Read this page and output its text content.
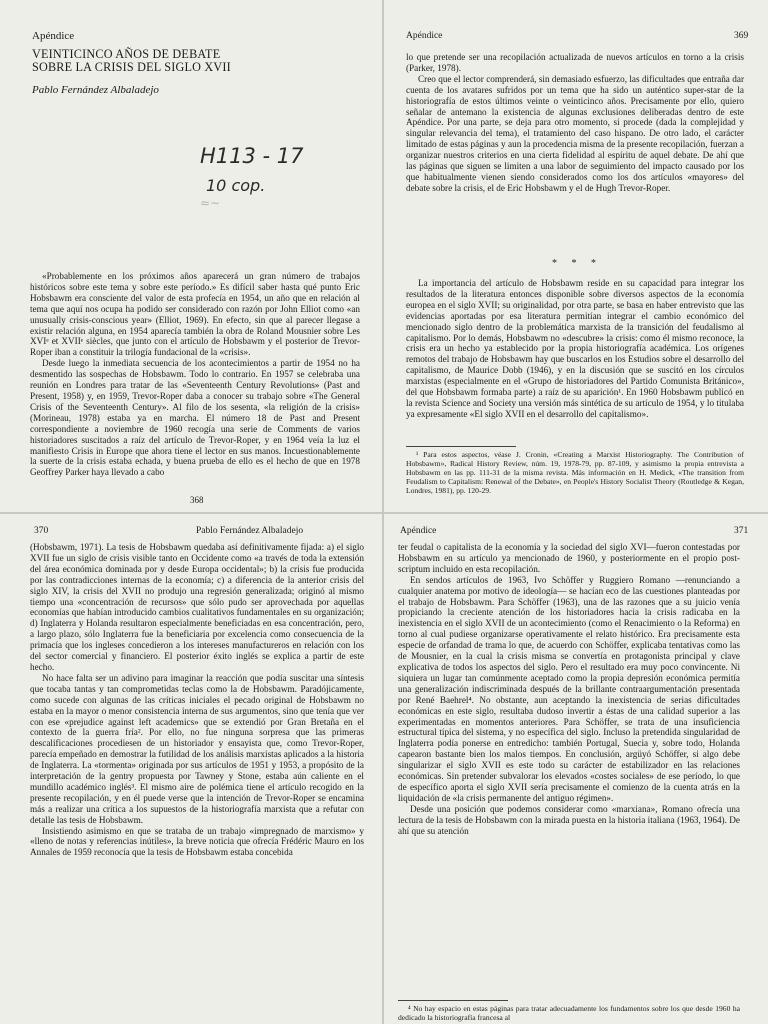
Apéndice
VEINTICINCO AÑOS DE DEBATE
SOBRE LA CRISIS DEL SIGLO XVII
Pablo Fernández Albaladejo
H113 - 17
10 cop.
≈∼

«Probablemente en los próximos años aparecerá un gran número de trabajos históricos sobre este tema y sobre este período.» Es difícil saber hasta qué punto Eric Hobsbawm era consciente del valor de esta profecía en 1954, un año que en relación al tema que aquí nos ocupa ha podido ser considerado con razón por John Elliot como «an unusually crisis-conscious year» (Elliot, 1969). En efecto, sin que al parecer llegase a existir relación alguna, en 1954 aparecía también la obra de Roland Mousnier sobre Les XVIᵉ et XVIIᵉ siècles, que junto con el artículo de Hobsbawm y el posterior de Trevor-Roper iban a constituir la trilogía fundacional de la «crisis».

Desde luego la inmediata secuencia de los acontecimientos a partir de 1954 no ha desmentido las sospechas de Hobsbawm. Todo lo contrario. En 1957 se celebraba una reunión en Londres para tratar de las «Seventeenth Century Revolutions» (Past and Present, 1958) y, en 1959, Trevor-Roper daba a conocer su trabajo sobre «The General Crisis of the Seventeenth Century». Al filo de los sesenta, «la religión de la crisis» (Morineau, 1978) estaba ya en marcha. El número 18 de Past and Present correspondiente a noviembre de 1960 recogía una serie de Comments de varios historiadores suscitados a raíz del artículo de Trevor-Roper, y en 1964 veía la luz el manifiesto Crisis in Europe que ahora tiene el lector en sus manos. Incuestionablemente la suerte de la crisis estaba echada, y buena prueba de ello es el hecho de que en 1978 Geoffrey Parker haya llevado a cabo

368
Apéndice	369

lo que pretende ser una recopilación actualizada de nuevos artículos en torno a la crisis (Parker, 1978).

Creo que el lector comprenderá, sin demasiado esfuerzo, las dificultades que entraña dar cuenta de los avatares sufridos por un tema que ha sido un auténtico super-star de la historiografía de estos últimos veinte o veinticinco años. Precisamente por ello, quiero señalar de antemano la existencia de algunas exclusiones deliberadas dentro de este Apéndice. Por una parte, se deja para otro momento, si procede (dada la complejidad y singular relevancia del tema), el tratamiento del caso hispano. De otro lado, el carácter limitado de estas páginas y aun la procedencia misma de la presente recopilación, fuerzan a organizar nuestros criterios en una cierta fidelidad al espíritu de aquel debate. De ahí que las páginas que siguen se limiten a una labor de seguimiento del impacto causado por los que habitualmente vienen siendo considerados como los dos artículos «mayores» del debate sobre la crisis, el de Eric Hobsbawm y el de Hugh Trevor-Roper.

* * *

La importancia del artículo de Hobsbawm reside en su capacidad para integrar los resultados de la literatura entonces disponible sobre diversos aspectos de la economía europea en el siglo XVII; su originalidad, por otra parte, se basa en haber entrevisto que las evidencias aportadas por esa literatura permitían integrar el cambio económico del mencionado siglo dentro de la problemática marxista de la transición del feudalismo al capitalismo. Por lo demás, Hobsbawm no «descubre» la crisis: como él mismo reconoce, la crisis era un hecho ya establecido por la propia historiografía académica. Los orígenes remotos del trabajo de Hobsbawm hay que buscarlos en los Estudios sobre el desarrollo del capitalismo, de Maurice Dobb (1946), y en la discusión que se suscitó en los círculos marxistas (especialmente en el «Grupo de historiadores del Partido Comunista Británico», del que Hobsbawm formaba parte) a raíz de su aparición¹. En 1960 Hobsbawm publicó en la revista Science and Society una versión más sintética de su artículo de 1954, y lo titulaba ya expresamente «El siglo XVII en el desarrollo del capitalismo».

¹ Para estos aspectos, véase J. Cronin, «Creating a Marxist Historiography. The Contribution of Hobsbawm», Radical History Review, núm. 19, 1978-79, pp. 87-109, y asimismo la propia entrevista a Hobsbawm en las pp. 111-31 de la misma revista. Más información en H. Medick, «The transition from Feudalism to Capitalism: Renewal of the Debate», en People's History Socialist Theory (Routledge & Kegan, Londres, 1981), pp. 120-29.

370	Pablo Fernández Albaladejo

(Hobsbawm, 1971). La tesis de Hobsbawm quedaba así definitivamente fijada: a) el siglo XVII fue un siglo de crisis visible tanto en Occidente como «a través de toda la extensión del área económica dominada por y desde Europa occidental»; b) la crisis fue producida por las contradicciones internas de la economía; c) a diferencia de la anterior crisis del siglo XIV, la crisis del XVII no produjo una regresión generalizada; originó al mismo tiempo una «concentración de recursos» que sólo pudo ser aprovechada por aquellas economías que habían introducido cambios cualitativos fundamentales en su organización; d) Inglaterra y Holanda resultaron especialmente beneficiadas en esa concentración, pero, a largo plazo, sólo Inglaterra fue la beneficiaria por excelencia como consecuencia de la primacía que los ingleses concedieron a los intereses manufactureros en relación con los del sector comercial y financiero. El posterior éxito inglés se explica a partir de este hecho.

No hace falta ser un adivino para imaginar la reacción que podía suscitar una síntesis que tocaba tantas y tan comprometidas teclas como la de Hobsbawm. Paradójicamente, como sucede con algunas de las críticas iniciales el pecado original de Hobsbawm no estaba en la mayor o menor consistencia interna de sus argumentos, sino que tenía que ver con ese «prejudice against left academics» que se extendió por Gran Bretaña en el contexto de la guerra fría². Por ello, no fue ninguna sorpresa que las primeras descalificaciones procediesen de un historiador y ensayista que, como Trevor-Roper, parecía empeñado en demostrar la futilidad de los análisis marxistas aplicados a la historia de Inglaterra. La «tormenta» originada por sus artículos de 1951 y 1953, a propósito de la interpretación de la gentry propuesta por Tawney y Stone, estaba aún caliente en el mundillo académico inglés³. El mismo aire de polémica tiene el artículo recogido en la presente recopilación, y en él puede verse que la intención de Trevor-Roper se encamina más a realizar una crítica a los supuestos de la historiografía marxista que a refutar con detalle las tesis de Hobsbawm.

Insistiendo asimismo en que se trataba de un trabajo «impregnado de marxismo» y «lleno de notas y referencias inútiles», la breve noticia que ofrecía Frédéric Mauro en los Annales de 1959 reconocía que la tesis de Hobsbawm estaba concebida

Apéndice	371

ter feudal o capitalista de la economía y la sociedad del siglo XVI—fueron contestadas por Hobsbawm en su artículo ya mencionado de 1960, y posteriormente en el propio post-scriptum incluido en esta recopilación.

En sendos artículos de 1963, Ivo Schöffer y Ruggiero Romano —renunciando a cualquier anatema por motivo de ideología— se hacían eco de las cuestiones planteadas por el trabajo de Hobsbawm. Para Schöffer (1963), una de las razones que a su juicio venía propiciando la creciente atención de los historiadores hacia la crisis radicaba en la inexistencia en el siglo XVII de un acontecimiento (como el Renacimiento o la Reforma) en torno al cual pudiese organizarse operativamente el relato histórico. Era precisamente esta especie de orfandad de trama lo que, de acuerdo con Schöffer, explicaba tentativas como las de Mousnier, en la cual la crisis misma se convertía en protagonista principal y clave explicativa de todos los aspectos del siglo. Pero el resultado era muy poco convincente. Ni siquiera un lugar tan comúnmente aceptado como la propia depresión económica permitía una generalización indiscriminada después de la brillante contraargumentación presentada por René Baehrel⁴. No obstante, aun aceptando la inexistencia de serias dificultades económicas en este siglo, resultaba dudoso invertir a éstas de una calidad superior a las experimentadas en momentos anteriores. Para Schöffer, se trata de una insuficiencia estructural típica del sistema, y no específica del siglo. Incluso la pretendida singularidad de Inglaterra podía ponerse en entredicho: también Portugal, Suecia y, sobre todo, Holanda capearon bastante bien los malos tiempos. En conclusión, argüyó Schöffer, si algo debe singularizar el siglo XVII es este todo su carácter de estabilizador en las relaciones económicas. Sin pretender subvalorar los elevados «costes sociales» de ese período, lo que de específico aporta el siglo XVII sería precisamente el comienzo de la cuenta atrás en la liquidación de «la crisis permanente del antiguo régimen».

Desde una posición que podemos considerar como «marxiana», Romano ofrecía una lectura de la tesis de Hobsbawm con la mirada puesta en la historia italiana (1963, 1964). De ahí que su atención

⁴ No hay espacio en estas páginas para tratar adecuadamente los fundamentos sobre los que desde 1960 ha dedicado la historiografía francesa al
